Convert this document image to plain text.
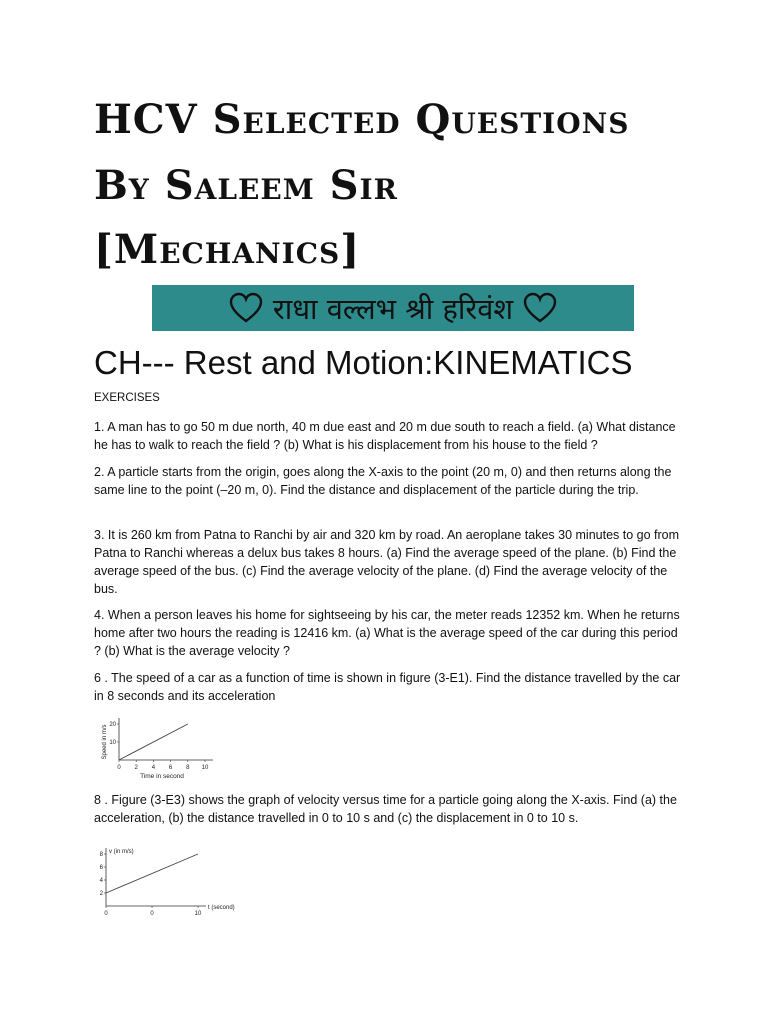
HCV Selected Questions
By Saleem Sir
[Mechanics]
राधा वल्लभ श्री हरिवंश
CH--- Rest and Motion:KINEMATICS
EXERCISES

1. A man has to go 50 m due north, 40 m due east and 20 m due south to reach a field. (a) What distance he has to walk to reach the field ? (b) What is his displacement from his house to the field ?

2. A particle starts from the origin, goes along the X-axis to the point (20 m, 0) and then returns along the same line to the point (–20 m, 0). Find the distance and displacement of the particle during the trip.

3. It is 260 km from Patna to Ranchi by air and 320 km by road. An aeroplane takes 30 minutes to go from Patna to Ranchi whereas a delux bus takes 8 hours. (a) Find the average speed of the plane. (b) Find the average speed of the bus. (c) Find the average velocity of the plane. (d) Find the average velocity of the bus.

4. When a person leaves his home for sightseeing by his car, the meter reads 12352 km. When he returns home after two hours the reading is 12416 km. (a) What is the average speed of the car during this period ? (b) What is the average velocity ?

6 . The speed of a car as a function of time is shown in figure (3-E1). Find the distance travelled by the car in 8 seconds and its acceleration

0 2 4 6 8 10
10
20
Time in second
Speed in m/s

8 . Figure (3-E3) shows the graph of velocity versus time for a particle going along the X-axis. Find (a) the acceleration, (b) the distance travelled in 0 to 10 s and (c) the displacement in 0 to 10 s.

0	0	10
2
4
6
8
t (second)
v (in m/s)
